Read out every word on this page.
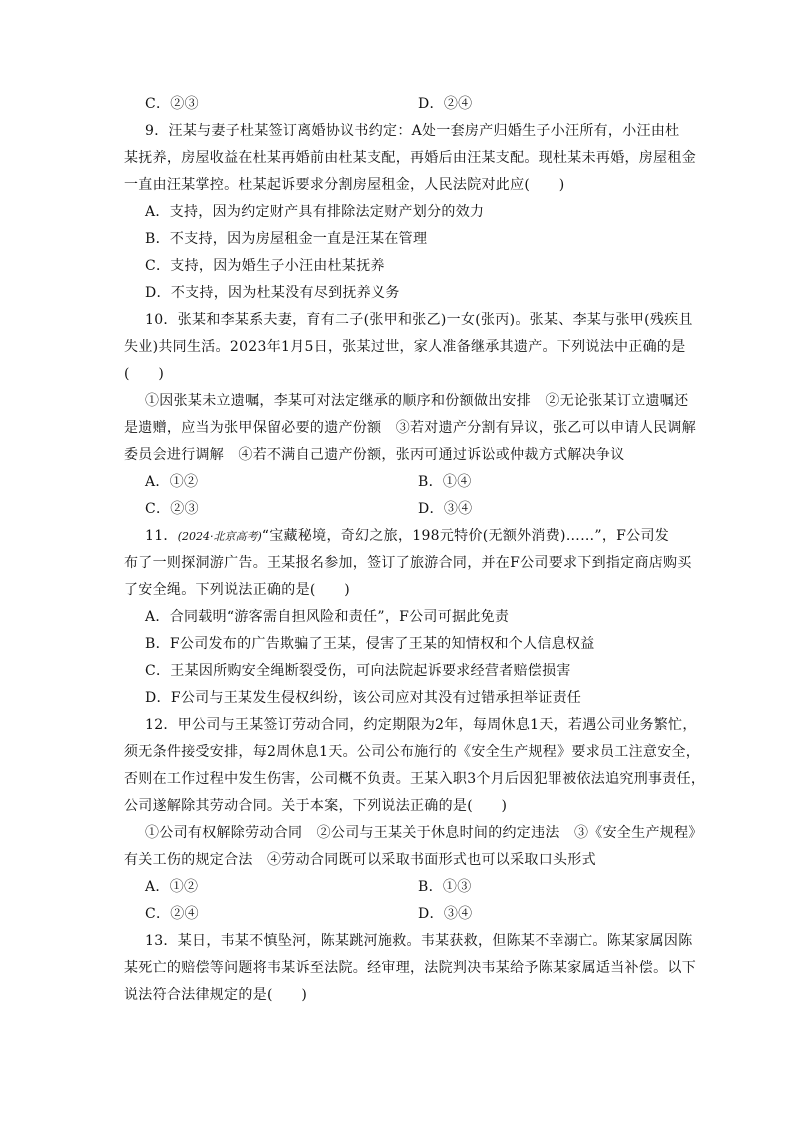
C．②③	D．②④
9．汪某与妻子杜某签订离婚协议书约定：A处一套房产归婚生子小汪所有，小汪由杜
某抚养，房屋收益在杜某再婚前由杜某支配，再婚后由汪某支配。现杜某未再婚，房屋租金
一直由汪某掌控。杜某起诉要求分割房屋租金，人民法院对此应(　　)
A．支持，因为约定财产具有排除法定财产划分的效力
B．不支持，因为房屋租金一直是汪某在管理
C．支持，因为婚生子小汪由杜某抚养
D．不支持，因为杜某没有尽到抚养义务
10．张某和李某系夫妻，育有二子(张甲和张乙)一女(张丙)。张某、李某与张甲(残疾且
失业)共同生活。2023年1月5日，张某过世，家人准备继承其遗产。下列说法中正确的是
(　　)
①因张某未立遗嘱，李某可对法定继承的顺序和份额做出安排　②无论张某订立遗嘱还
是遗赠，应当为张甲保留必要的遗产份额　③若对遗产分割有异议，张乙可以申请人民调解
委员会进行调解　④若不满自己遗产份额，张丙可通过诉讼或仲裁方式解决争议
A．①②	B．①④
C．②③	D．③④
11．(2024·北京高考)“宝藏秘境，奇幻之旅，198元特价(无额外消费)……”，F公司发
布了一则探洞游广告。王某报名参加，签订了旅游合同，并在F公司要求下到指定商店购买
了安全绳。下列说法正确的是(　　)
A．合同载明“游客需自担风险和责任”，F公司可据此免责
B．F公司发布的广告欺骗了王某，侵害了王某的知情权和个人信息权益
C．王某因所购安全绳断裂受伤，可向法院起诉要求经营者赔偿损害
D．F公司与王某发生侵权纠纷，该公司应对其没有过错承担举证责任
12．甲公司与王某签订劳动合同，约定期限为2年，每周休息1天，若遇公司业务繁忙，
须无条件接受安排，每2周休息1天。公司公布施行的《安全生产规程》要求员工注意安全，
否则在工作过程中发生伤害，公司概不负责。王某入职3个月后因犯罪被依法追究刑事责任，
公司遂解除其劳动合同。关于本案，下列说法正确的是(　　)
①公司有权解除劳动合同　②公司与王某关于休息时间的约定违法　③《安全生产规程》
有关工伤的规定合法　④劳动合同既可以采取书面形式也可以采取口头形式
A．①②	B．①③
C．②④	D．③④
13．某日，韦某不慎坠河，陈某跳河施救。韦某获救，但陈某不幸溺亡。陈某家属因陈
某死亡的赔偿等问题将韦某诉至法院。经审理，法院判决韦某给予陈某家属适当补偿。以下
说法符合法律规定的是(　　)
